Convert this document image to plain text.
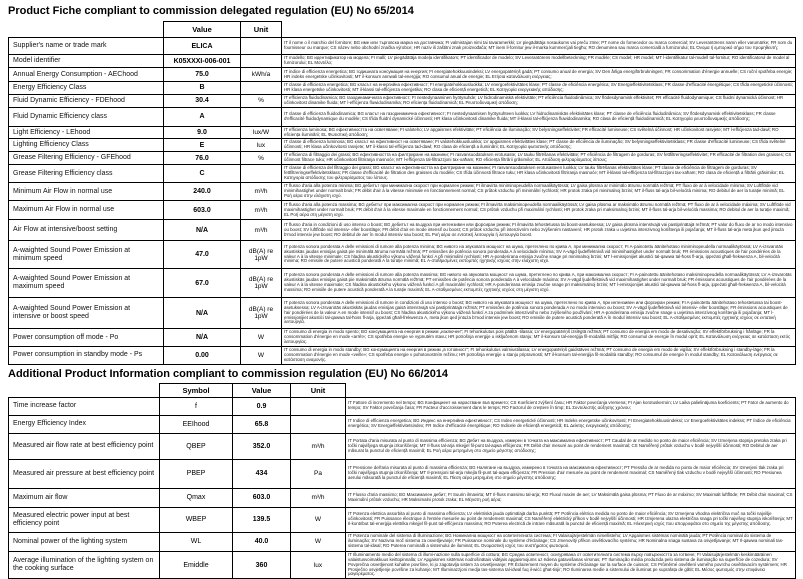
Product Fiche compliant to commission delegated regulation (EU) No 65/2014
	Value	Unit	
Supplier's name or trade mark	ELICA		IT il nome o il marchio del fornitore; BG име или търговска марка на доставчика; FI valmistajan nimi tai tavaramerkki; LV piegādātāja nosaukums vai preču zīme; PT nome do fornecedor ou marca comercial; SV Leverantörens namn eller varumärke; FR nom du fournisseur ou marque; CS název nebo obchodní značka výrobce; HR naziv ili zaštitni znak proizvođača; MT isem il-fornitur jew il-marka kummerċjali tiegħu; RO denumirea sau marca comercială a furnizorului; EL Όνομα ή εμπορικό σήμα του προμηθευτή;
Model identifier	K05XXXI-006-001		IT modello; BG идентификатор на модела; FI malli; LV piegādātāja modeļa identifikators; PT identificador de modelo; SV Leverantörens modellbeteckning; FR modèle; CS model; HR model; MT l-identifikatur tal-mudell tal-fornitur; RO identificatorul de model al furnizorului; EL Μοντέλο;
Annual Energy Consumption - AEChood	75.0	kWh/a	IT indice di efficienza energetica; BG годишната консумация на енергия; FI energiatehokkuusindeksi; LV energopatēriņš gadā; PT consumo anual de energia; SV Den årliga energiförbrukningen; FR consommation d'énergie annuelle; CS roční spotřeba energie; HR indeks energetske učinkovitosti; MT il-konsum annwali tal-enerġija; RO consumul anual de energie; EL Ετήσια κατανάλωση ενέργειας;
Energy Efficiency Class	B		IT classe di efficienza energetica; BG класът на енергийна ефективност; FI energiatehokkuusluokka; LV energoefektivitātes klase; PT classe de eficiência energética; SV Energieffektivitetsklass; FR classe d'efficacité énergétique; CS třída energetické účinnosti; HR klasa energetske učinkovitosti; MT il-klassi tal-effiċjenza enerġetika; RO clasa de eficiență energetică; EL Κατηγορία ενεργειακής απόδοσης;
Fluid Dynamic Efficiency - FDEhood	30.4	%	IT efficienza fluidodinamica; BG газодинамичната ефективност; FI nestedynaaminen hyötysuhde; LV hidrodinamiskā efektivitāte; PT eficiência fluidodinâmica; SV flödesdynamisk effektivitet; FR efficacité fluidodynamique; CS fluidní dynamická účinnost; HR učinkovitost dinamike fluida; MT l-effiċjenza fluwidodinamika; RO eficiența fluidodinamică; EL Ρευστοδυναμική απόδοση;
Fluid Dynamic Efficiency class	A		IT classe di efficienza fluidodinamica; BG класът на газодинамична ефективност; FI nestedynaamisen hyötysuhteen luokka; LV hidrodinamiskās efektivitātes klase; PT classe de eficiência fluidodinâmica; SV flödesdynamisk effektivitetsklass; FR classe d'efficacité fluidodynamique du modèle; CS třída fluidní dynamické účinnosti; HR klasa učinkovitosti dinamike fluida; MT il-klassi tal-effiċjenza fluwidodinamika; RO clasa de eficiență fluidodinamică; EL Κατηγορία ρευστοδυναμικής απόδοσης;
Light Efficiency - LEhood	9.0	lux/W	IT efficienza luminosa; BG ефективността на осветяване; FI valoteho; LV apgaismes efektivitāte; PT eficiência de iluminação; SV belysningseffektivitet; FR efficacité lumineuse; CS světelná účinnost; HR učinkovitost rasvjete; MT l-effiċjenza tad-dawl; RO eficiența iluminării; EL Φωτιστική απόδοση;
Lighting Efficiency Class	E	lux	IT classe di efficienza luminosa; BG класът на ефективност на осветяване; FI valotehokkuusluokka; LV apgaismes efektivitātes klase; PT classe de eficiência de iluminação; SV belysningseffektivitetsklass; FR classe d'efficacité lumineuse; CS třída světelné účinnosti; HR klasa učinkovitosti rasvjete; MT il-klassi tal-effiċjenza tad-dawl; RO clasa de eficiență a iluminării; EL Κατηγορία φωτιστικής απόδοσης;
Grease Filtering Efficiency - GFEhood	76.0	%	IT efficienza di filtraggio dei grassi; BG ефективността на филтриране на мазнини; FI rasvansuodatuksen erotusaste; LV tauku filtrēšanas efektivitāte; PT eficiência de filtragem de gorduras; SV fettfiltreringseffektivitet; FR efficacité de filtration des graisses; CS účinnost filtrace tuku; HR učinkovitost filtriranja masnoće; MT l-effiċjenza tal-filtrazzjoni tax-xaħam; RO eficiența filtrării grăsimilor; EL Απόδοση φιλτραρίσματος λίπους;
Grease Filtering Efficiency class	C		IT classe di efficienza del filtraggio dei grassi; BG класът на ефективността на филтриране на мазнини; FI rasvansuodatuksen erotusasteen luokka; LV tauku filtrēšanas efektivitātes klase; PT classe de eficiência de filtragem de gorduras; SV fettfiltreringseffektivitetsklass; FR classe d'efficacité de filtration des graisses du modèle; CS třída účinnosti filtrace tuku; HR klasa učinkovitosti filtriranja masnoće; MT il-klassi tal-effiċjenza tal-filtrazzjoni tax-xaħam; RO clasa de eficiență a filtrării grăsimilor; EL Κατηγορία απόδοσης του φιλτραρίσματος του λίπους.
Minimum Air Flow in normal use	240.0	m³/h	IT flusso d'aria alla potenza minima; BG дебитът при минимална скорост при нормален режим; FI ilmavirta miniminopeudella normaalikäytössä; LV gaisa plūsma ar minimālo ātrumu normālā režīmā; PT fluxo de ar à velocidade mínima; SV Luftflöde vid minimihastighet under normalt bruk; FR débit d'air à la vitesse minimale en fonctionnement normal; CS průtok vzduchu při minimální rychlosti; HR protok zraka pri minimalnoj brzini; MT il-fluss tal-arja bil-veloċità minima; RO debitul de aer la turație minimă; EL Ροή αέρα στην ελάχιστη ισχύ.
Maximum Air Flow in normal use	603.0	m³/h	IT flusso d'aria alla potenza massima; BG дебитът при максимална скорост при нормален режим; FI ilmavirta maksiminopeudella normaalikäytössä; LV gaisa plūsma ar maksimālo ātrumu normālā režīmā; PT fluxo de ar à velocidade máxima; SV Luftflöde vid maximihastighet under normalt bruk; FR débit d'air à la vitesse maximale en fonctionnement normal; CS průtok vzduchu při maximální rychlosti; HR protok zraka pri maksimalnoj brzini; MT il-fluss tal-arja bil-veloċità massima; RO debitul de aer la turație maximă; EL Ροή αέρα στη μέγιστη ισχύ.
Air Flow at intensive/boost setting	N/A	m³/h	IT flusso d'aria in condizioni di uso intenso o boost; BG дебитът на въздуха при интензивен или форсиран режим; FI ilmavirta tehostetussa tai boost-asetuksessa; LV gaisa plūsma intensīvajā vai pastiprinātajā režīmā; PT valor do fluxo de ar no modo intensivo ou boost; SV luftflöde vid intensiv- eller boostläge; FR débit d'air en mode intensif ou boost; CS průtok vzduchu při intenzivním nebo zvýšeném nastavení; HR protok zraka u uvjetima intenzivnog korištenja ili pojačanja; MT il-fluss tal-arja meta jkun qed jintuża b'mod intensiv jew boost; RO debitul de aer în modul intensiv sau boost; EL Ροή αέρα σε εντατική λειτουργία ή λειτουργία boost.
A-waighted Sound Power Emission at minimum speed	47.0	dB(A) re 1pW	IT potenza sonora ponderata A delle emissioni di rumore alla potenza minima; BG нивото на звуковата мощност на шума, претеглено по крива A, при минимална скорост; FI A-painotettu äänitehotaso miniminopeudella normaalikäytössä; LV A-izsvarotās akustiskās jaudas emisijas gaisā pie minimālā ātruma normālā režīmā; PT emissões de potência sonora ponderada A à velocidade mínima; SV A-vägd ljudeffektnivå vid minimihastighet under normalt bruk; FR émissions acoustiques de l'air pondérées de la valeur A à la vitesse minimale; CS hladina akustického výkonu vážená funkcí A při minimální rychlosti; HR A-ponderirana emisija zvučne snage pri minimalnoj brzini; MT l-emissjonijiet akustiċi tal-qawwa tal-ħoss fl-arja, ippeżati għall-frekwenza A, bil-veloċità minima; RO emisiile de putere acustică ponderată A la turație minimă; EL Α-σταθμισμένες εκπομπές ηχητικής ισχύος στην ελάχιστη ισχύ.
A-waighted Sound Power Emission at maximum speed	67.0	dB(A) re 1pW	IT potenza sonora ponderata A delle emissioni di rumore alla potenza massima; BG нивото на звуковата мощност на шума, претеглено по крива A, при максимална скорост; FI A-painotettu äänitehotaso maksiminopeudella normaalikäytössä; LV A-izsvarotās akustiskās jaudas emisijas gaisā pie maksimālā ātruma normālā režīmā; PT emissões de potência sonora ponderada A à velocidade máxima; SV A-vägd ljudeffektnivå vid maximihastighet under normalt bruk; FR émissions acoustiques de l'air pondérées de la valeur A à la vitesse maximale; CS hladina akustického výkonu vážená funkcí A při maximální rychlosti; HR A-ponderirana emisija zvučne snage pri maksimalnoj brzini; MT l-emissjonijiet akustiċi tal-qawwa tal-ħoss fl-arja, ippeżati għall-frekwenza A, bil-veloċità massima; RO emisiile de putere acustică ponderată A la turație maximă; EL Α-σταθμισμένες εκπομπές ηχητικής ισχύος στη μέγιστη ισχύ.
A-waighted Sound Power Emission at intensive or boost speed	N/A	dB(A) re 1pW	IT potenza sonora ponderata A delle emissioni di rumore in condizioni di uso intenso o boost; BG нивото на звуковата мощност на шума, претеглено по крива A, при интензивен или форсиран режим; FI A-painotettu äänitehotaso tehostetussa tai boost-asetuksessa; LV A-izsvarotās akustiskās jaudas emisijas gaisā intensīvajā vai pastiprinātajā režīmā; PT emissões de potência sonora ponderada A no modo intensivo ou boost; SV A-vägd ljudeffektnivå vid intensiv- eller boostläge; FR émissions acoustiques de l'air pondérées de la valeur A en mode intensif ou boost; CS hladina akustického výkonu vážená funkcí A za podmínek intenzivního nebo zvýšeného používání; HR A-ponderirana emisija zvučne snage u uvjetima intenzivnog korištenja ili pojačanja; MT l-emissjonijiet akustiċi tal-qawwa tal-ħoss fl-arja, ippeżati għall-frekwenza A, meta jkun qed jintuża b'mod intensiv jew boost; RO emisiile de putere acustică ponderată A în modul intensiv sau boost; EL Α-σταθμισμένες εκπομπές ηχητικής ισχύος σε εντατική λειτουργία.
Power consumption off mode - Po	N/A	W	IT consumo di energia in modo spento; BG консумацията на енергия в режим „изключен“; FI tehonkulutus pois päältä -tilassa; LV energopatēriņš izslēgtā režīmā; PT consumo de energia em modo de desativação; SV effektförbrukning i frånläge; FR la consommation d'énergie en mode «arrêt»; CS spotřeba energie ve vypnutém stavu; HR potrošnja energije u isključenom stanju; MT il-konsum tal-enerġija fil-modalità mitfija; RO consumul de energie în modul oprit; EL Κατανάλωση ενέργειας σε κατάσταση εκτός λειτουργίας.
Power consumption in standby mode - Ps	0.00	W	IT consumo di energia in modo standby; BG консумацията на енергия в режим „в готовност“; FI tehonkulutus valmiustilassa; LV energopatēriņš gaidstāves režīmā; PT consumo de energia em modo de vigília; SV effektförbrukning i standby-läge; FR la consommation d'énergie en mode «veille»; CS spotřeba energie v pohotovostním režimu; HR potrošnja energije u stanju pripravnosti; MT il-konsum tal-enerġija fil-modalità standby; RO consumul de energie în modul standby; EL Κατανάλωση ενέργειας σε κατάσταση αναμονής.
Additional Product Information compliant to commission regulation (EU) No 66/2014
	Symbol	Value	Unit	
Time increase factor	f	0.9		IT Fattore di incremento nel tempo; BG Коефициент на нарастване във времето; CS Koeficient zvýšení času; HR Faktor povećanja vremena; FI Ajan korotuskerroin; LV Laika palielinājuma koeficients; PT Fator de aumento do tempo; SV Faktor povečanja časa; FR Facteur d'accroissement dans le temps; RO Factorul de creștere în timp; EL Συντελεστής αύξησης χρόνου;
Energy Efficiency Index	EEIhood	65.8		IT Indice di efficienza energetica; BG Индекс на енергийна ефективност; CS Index energetické účinnosti; HR Indeks energetske učinkovitosti; FI Energiatehokkuusindeksi; LV Energoefektivitātes indekss; PT Índice de eficiência energética; SV Energieffektivitetsindex; FR Indice d'efficacité énergétique; RO Indicele de eficiență energetică; EL Δείκτης ενεργειακής απόδοσης;
Measured air flow rate at best efficiency point	QBEP	352.0	m³/h	IT Portata d'aria misurata al punto di massima efficienza; BG Дебит на въздуха, измерен в точката на максимална ефективност; PT Caudal de ar medido no ponto de maior eficiência; SV Izmerjena stopnja pretoka zraka pri točki najvišjega stupnja izkoriščenja; MT Il-fluss tal-arja mkejjel fil-punt tal-aqwa effiċjenza; FR Débit d'air mesuré au point de rendement maximal; CS Naměřený průtok vzduchu v bodě nejvyšší účinnosti; RO Debitul de aer măsurat la punctul de eficiență maximă; EL Ροή αέρα μετρημένη στο σημείο μέγιστης απόδοσης;
Measured air pressure at best efficiency point	PBEP	434	Pa	IT Pressione dell'aria misurata al punto di massima efficienza; BG Налягане на въздуха, измерено в точката на максимална ефективност; PT Pressão de ar medida no ponto de maior eficiência; SV Izmerjeni tlak zraka pri točki najvišjega stupnja izkoriščenja; MT Il-pressjoni tal-arja mkejla fil-punt tal-aqwa effiċjenza; FR Pression d'air mesurée au point de rendement maximal; CS Naměřený tlak vzduchu v bodě nejvyšší účinnosti; RO Presiunea aerului măsurată la punctul de eficiență maximă; EL Πίεση αέρα μετρημένη στο σημείο μέγιστης απόδοσης;
Maximum air flow	Qmax	603.0	m³/h	IT Flusso d'aria massimo; BG Максимален дебит; FI Suurin ilmavirta; MT Il-fluss massimu tal-arja; RO Fluxul maxim de aer; LV Maksimālā gaisa plūsma; PT Fluxo de ar máximo; SV Maximalt luftflöde; FR Débit d'air maximal; CS Maximální průtok vzduchu; HR Maksimalni protok zraka; EL Μέγιστη ροή αέρα;
Measured electric power input at best efficiency point	WBEP	139.5	W	IT Potenza elettrica assorbita al punto di massima efficienza; LV elektriskā jauda optimālajā darba punktā; PT Potência elétrica medida no ponto de maior eficiência; SV Izmerjena vhodna električna moč na točki najvišje učinkovitosti; FR Puissance électrique à l'entrée mesurée au point de rendement maximal; CS Naměřený elektrický příkon v bodě nejvyšší účinnosti; HR Izmjerena ulazna električna snaga pri točki najvišeg stupnja iskorištenja; MT Il-kontribut tal-enerġija elettrika mkejjel fil-punt tal-effiċjenza massima; RO Puterea electrică de intrare măsurată la punctul de eficiență maximă; EL Ηλεκτρική ισχύς που απορροφάται στο σημείο της μέγιστης απόδοσης.
Nominal power of the lighting system	WL	40.0	W	IT Potenza nominale del sistema di illuminazione; BG Номинална мощност на осветителната система; FI Valaisujärjestelmän nimellisteho; LV Apgaismes sistēmas nominālā jauda; PT Potência nominal do sistema de iluminação; SV Nazivna moč sistema za osvetljevanje; FR Puissance nominale du système d'éclairage; CS Jmenovitý příkon osvětlovacího systému; HR Nominalna snaga sustava za osvjetljavanje; MT Il-qawwa nominali tas-sistema tal-idwal; RO Puterea nominală a sistemului de iluminat; EL Ονομαστική ισχύς του συστήματος φωτισμού.
Average illumination of the lighting system on the cooking surface	Emiddle	360	lux	IT Illuminamento medio del sistema di illumi-nazione sulla superficie di cottura; BG Средна осветеност, осигурявана от осветителната система върху повърхността за готвене; FI Valaisujärjestelmän keskimääräinen valaistusvoimakkuus keittopinnalla; LV Apgaismes sistēmas nodrošinātais vidējais apgaismojums uz ēdiena gatavošanas virsmas; PT Iluminação média produzida pelo sistema de iluminação na superfície de cozedura; SV Povprečna osvetljenost kuhalne površine, ki jo zagotavlja sistem za osvetljevanje; FR Éclairement moyen du système d'éclairage sur la surface de cuisson; CS Průměrné osvětlení varného povrchu osvětlovacím systémem; HR Prosječno osvjetljenje površine za kuhanje; MT Illuminazzjoni medja tas-sistema tal-idwal fuq il-wiċċ għat-tisjir; RO Iluminarea medie a sistemului de iluminat pe suprafața de gătit; EL Μέσος φωτισμός στην επιφάνεια μαγειρέματος.
